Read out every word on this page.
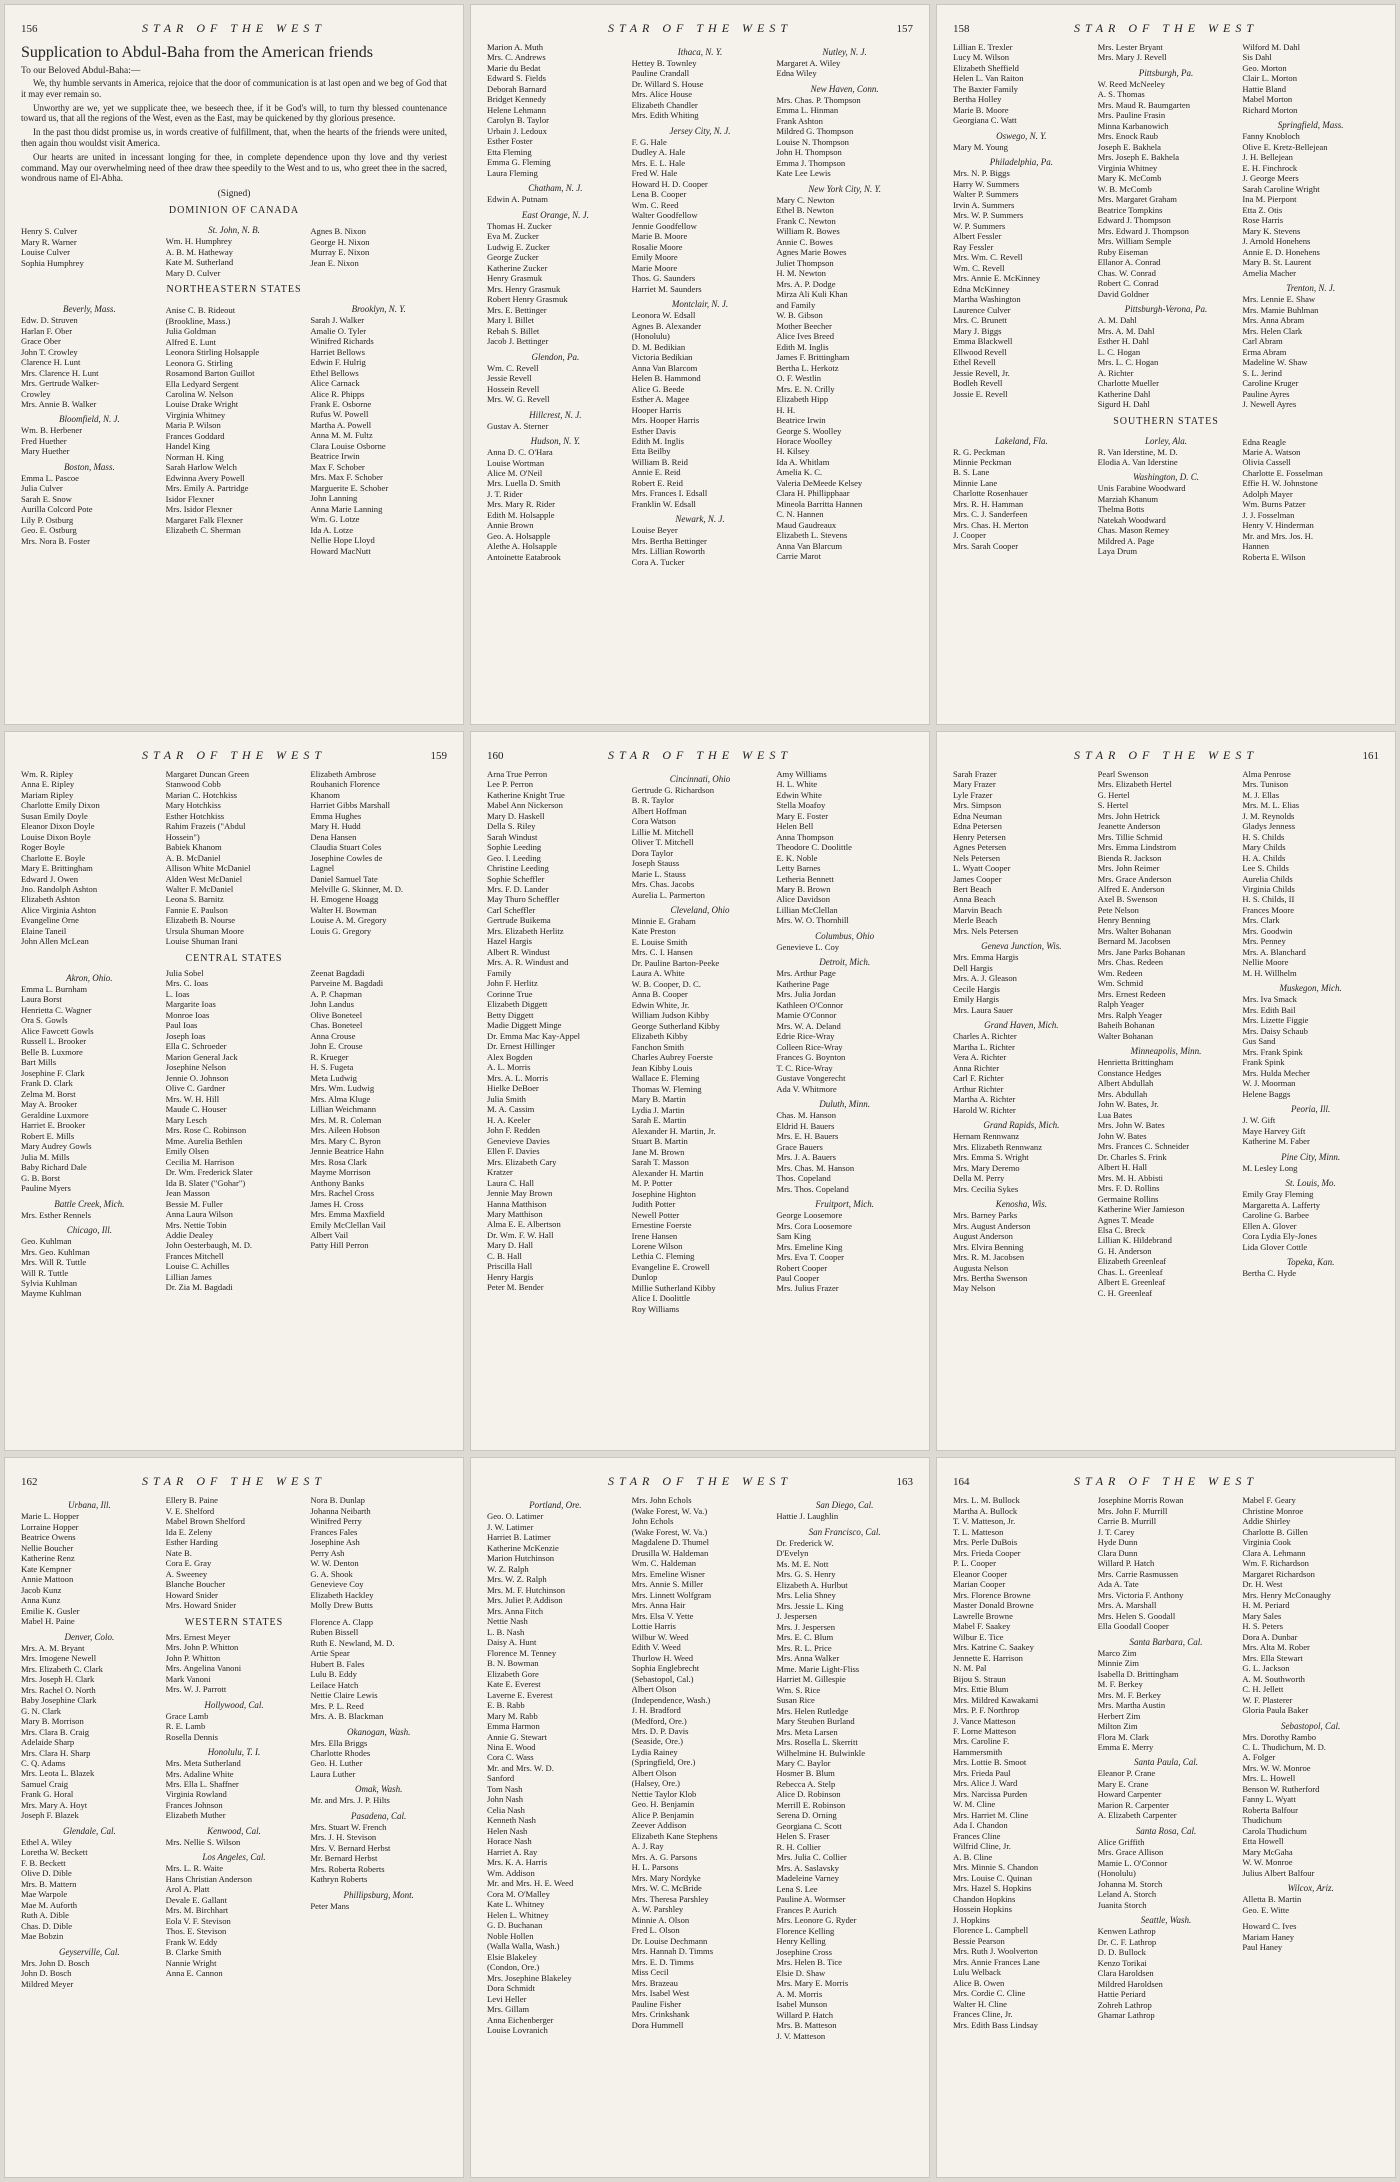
156	STAR OF THE WEST
Supplication to Abdul-Baha from the American friends
To our Beloved Abdul-Baha:—

We, thy humble servants in America, rejoice that the door of communication is at last open and we beg of God that it may ever remain so.

Unworthy are we, yet we supplicate thee, we beseech thee, if it be God's will, to turn thy blessed countenance toward us, that all the regions of the West, even as the East, may be quickened by thy glorious presence.

In the past thou didst promise us, in words creative of fulfillment, that, when the hearts of the friends were united, then again thou wouldst visit America.

Our hearts are united in incessant longing for thee, in complete dependence upon thy love and thy veriest command. May our overwhelming need of thee draw thee speedily to the West and to us, who greet thee in the sacred, wondrous name of El-Abha.

(Signed)
DOMINION OF CANADA
Henry S. Culver
Mary R. Warner
Louise Culver
Sophia Humphrey
St. John, N. B.
Wm. H. Humphrey
A. B. M. Hatheway
Kate M. Sutherland
Mary D. Culver
Agnes B. Nixon
George H. Nixon
Murray E. Nixon
Jean E. Nixon
NORTHEASTERN STATES
Beverly, Mass.
Edw. D. Struven
Harlan F. Ober
Grace Ober
John T. Crowley
Clarence H. Lunt
Mrs. Clarence H. Lunt
Mrs. Gertrude Walker-
Crowley
Mrs. Annie B. Walker
Bloomfield, N. J.
Wm. B. Herbener
Fred Huether
Mary Huether
Boston, Mass.
Emma L. Pascoe
Julia Culver
Sarah E. Snow
Aurilla Colcord Pote
Lily P. Ostburg
Geo. E. Ostburg
Mrs. Nora B. Foster
Anise C. B. Rideout
(Brookline, Mass.)
Julia Goldman
Alfred E. Lunt
Leonora Stirling Holsapple
Leonora G. Stirling
Rosamond Barton Guillot
Ella Ledyard Sergent
Carolina W. Nelson
Louise Drake Wright
Virginia Whitney
Maria P. Wilson
Frances Goddard
Handel King
Norman H. King
Sarah Harlow Welch
Edwinna Avery Powell
Mrs. Emily A. Partridge
Isidor Flexner
Mrs. Isidor Flexner
Margaret Falk Flexner
Elizabeth C. Sherman
Brooklyn, N. Y.
Sarah J. Walker
Amalie O. Tyler
Winifred Richards
Harriet Bellows
Edwin F. Hulrig
Ethel Bellows
Alice Carnack
Alice R. Phipps
Frank E. Osborne
Rufus W. Powell
Martha A. Powell
Anna M. M. Fultz
Clara Louise Osborne
Beatrice Irwin
Max F. Schober
Mrs. Max F. Schober
Marguerite E. Schober
John Lanning
Anna Marie Lanning
Wm. G. Lotze
Ida A. Lotze
Nellie Hope Lloyd
Howard MacNutt
STAR OF THE WEST	157
Marion A. Muth
Mrs. C. Andrews
Marie du Bedat
Edward S. Fields
Deborah Barnard
Bridget Kennedy
Helene Lehmann
Carolyn B. Taylor
Urbain J. Ledoux
Esther Foster
Etta Fleming
Emma G. Fleming
Laura Fleming
Chatham, N. J.
Edwin A. Putnam
East Orange, N. J.
Thomas H. Zucker
Eva M. Zucker
Ludwig E. Zucker
George Zucker
Katherine Zucker
Henry Grasmuk
Mrs. Henry Grasmuk
Robert Henry Grasmuk
Mrs. E. Bettinger
Mary I. Billet
Rebah S. Billet
Jacob J. Bettinger
Glendon, Pa.
Wm. C. Revell
Jessie Revell
Hossein Revell
Mrs. W. G. Revell
Hillcrest, N. J.
Gustav A. Sterner
Hudson, N. Y.
Anna D. C. O'Hara
Louise Wortman
Alice M. O'Neil
Mrs. Luella D. Smith
J. T. Rider
Mrs. Mary R. Rider
Edith M. Holsapple
Annie Brown
Geo. A. Holsapple
Alethe A. Holsapple
Antoinette Eatabrook
Ithaca, N. Y.
Hettey B. Townley
Pauline Crandall
Dr. Willard S. House
Mrs. Alice House
Elizabeth Chandler
Mrs. Edith Whiting
Jersey City, N. J.
F. G. Hale
Dudley A. Hale
Mrs. E. L. Hale
Fred W. Hale
Howard H. D. Cooper
Lena B. Cooper
Wm. C. Reed
Walter Goodfellow
Jennie Goodfellow
Marie B. Moore
Rosalie Moore
Emily Moore
Marie Moore
Thos. G. Saunders
Harriet M. Saunders
Montclair, N. J.
Leonora W. Edsall
Agnes B. Alexander
(Honolulu)
D. M. Bedikian
Victoria Bedikian
Anna Van Blarcom
Helen B. Hammond
Alice G. Beede
Esther A. Magee
Hooper Harris
Mrs. Hooper Harris
Esther Davis
Edith M. Inglis
Etta Beilby
William B. Reid
Annie E. Reid
Robert E. Reid
Mrs. Frances I. Edsall
Franklin W. Edsall
Newark, N. J.
Louise Beyer
Mrs. Bertha Bettinger
Mrs. Lillian Roworth
Cora A. Tucker
Nutley, N. J.
Margaret A. Wiley
Edna Wiley
New Haven, Conn.
Mrs. Chas. P. Thompson
Emma L. Hinman
Frank Ashton
Mildred G. Thompson
Louise N. Thompson
John H. Thompson
Emma J. Thompson
Kate Lee Lewis
New York City, N. Y.
Mary C. Newton
Ethel B. Newton
Frank C. Newton
William R. Bowes
Annie C. Bowes
Agnes Marie Bowes
Juliet Thompson
H. M. Newton
Mrs. A. P. Dodge
Mirza Ali Kuli Khan
and Family
W. B. Gibson
Mother Beecher
Alice Ives Breed
Edith M. Inglis
James F. Brittingham
Bertha L. Herkotz
O. F. Westlin
Mrs. E. N. Crilly
Elizabeth Hipp
H. H.
Beatrice Irwin
George S. Woolley
Horace Woolley
H. Kilsey
Ida A. Whitlam
Amelia K. C.
Valeria DeMeede Kelsey
Clara H. Phillipphaar
Mineola Barritta Hannen
C. N. Hannen
Maud Gaudreaux
Elizabeth L. Stevens
Anna Van Blarcum
Carrie Marot
158	STAR OF THE WEST
Lillian E. Trexler
Lucy M. Wilson
Elizabeth Sheffield
Helen L. Van Raiton
The Baxter Family
Bertha Holley
Marie B. Moore
Georgiana C. Watt
Oswego, N. Y.
Mary M. Young
Philadelphia, Pa.
Mrs. N. P. Biggs
Harry W. Summers
Walter P. Summers
Irvin A. Summers
Mrs. W. P. Summers
W. P. Summers
Albert Fessler
Ray Fessler
Mrs. Wm. C. Revell
Wm. C. Revell
Mrs. Annie E. McKinney
Edna McKinney
Martha Washington
Laurence Culver
Mrs. C. Brunett
Mary J. Biggs
Emma Blackwell
Ellwood Revell
Ethel Revell
Jessie Revell, Jr.
Bodleh Revell
Jossie E. Revell
Mrs. Lester Bryant
Mrs. Mary J. Revell
Pittsburgh, Pa.
W. Reed McNeeley
A. S. Thomas
Mrs. Maud R. Baumgarten
Mrs. Pauline Frasin
Minna Karbanowich
Mrs. Enock Raub
Joseph E. Bakhela
Mrs. Joseph E. Bakhela
Virginia Whitney
Mary K. McComb
W. B. McComb
Mrs. Margaret Graham
Beatrice Tompkins
Edward J. Thompson
Mrs. Edward J. Thompson
Mrs. William Semple
Ruby Eiseman
Ellanor A. Conrad
Chas. W. Conrad
Robert C. Conrad
David Goldner
Pittsburgh-Verona, Pa.
A. M. Dahl
Mrs. A. M. Dahl
Esther H. Dahl
L. C. Hogan
Mrs. L. C. Hogan
A. Richter
Charlotte Mueller
Katherine Dahl
Sigurd H. Dahl
Wilford M. Dahl
Sis Dahl
Geo. Morton
Clair L. Morton
Hattie Bland
Mabel Morton
Richard Morton
Springfield, Mass.
Fanny Knobloch
Olive E. Kretz-Bellejean
J. H. Bellejean
E. H. Finchrock
J. George Meers
Sarah Caroline Wright
Ina M. Pierpont
Etta Z. Otis
Rose Harris
Mary K. Stevens
J. Arnold Honehens
Annie E. D. Honehens
Mary B. St. Laurent
Amelia Macher
Trenton, N. J.
Mrs. Lennie E. Shaw
Mrs. Mamie Buhlman
Mrs. Anna Abram
Mrs. Helen Clark
Carl Abram
Erma Abram
Madeline W. Shaw
S. L. Jerind
Caroline Kruger
Pauline Ayres
J. Newell Ayres
SOUTHERN STATES
Lakeland, Fla.
R. G. Peckman
Minnie Peckman
B. S. Lane
Minnie Lane
Charlotte Rosenhauer
Mrs. R. H. Hamman
Mrs. C. J. Sanderfeen
Mrs. Chas. H. Merton
J. Cooper
Mrs. Sarah Cooper
Lorley, Ala.
R. Van Iderstine, M. D.
Elodia A. Van Iderstine
Washington, D. C.
Unis Farabine Woodward
Marziah Khanum
Thelma Botts
Natekah Woodward
Chas. Mason Remey
Mildred A. Page
Laya Drum
Edna Reagle
Marie A. Watson
Olivia Cassell
Charlotte E. Fosselman
Effie H. W. Johnstone
Adolph Mayer
Wm. Burns Patzer
J. J. Fosselman
Henry V. Hinderman
Mr. and Mrs. Jos. H.
Hannen
Roberta E. Wilson
STAR OF THE WEST	159
Wm. R. Ripley
Anna E. Ripley
Mariam Ripley
Charlotte Emily Dixon
Susan Emily Doyle
Eleanor Dixon Doyle
Louise Dixon Boyle
Roger Boyle
Charlotte E. Boyle
Mary E. Brittingham
Edward J. Owen
Jno. Randolph Ashton
Elizabeth Ashton
Alice Virginia Ashton
Evangeline Orne
Elaine Taneil
John Allen McLean
Margaret Duncan Green
Stanwood Cobb
Marian C. Hotchkiss
Mary Hotchkiss
Esther Hotchkiss
Rahim Frazeis ("Abdul
Hossein")
Babiek Khanom
A. B. McDaniel
Allison White McDaniel
Alden West McDaniel
Walter F. McDaniel
Leona S. Barnitz
Fannie E. Paulson
Elizabeth B. Nourse
Ursula Shuman Moore
Louise Shuman Irani
Elizabeth Ambrose
Rouhanich Florence
Khanom
Harriet Gibbs Marshall
Emma Hughes
Mary H. Hudd
Dena Hansen
Claudia Stuart Coles
Josephine Cowles de
Lagnel
Daniel Samuel Tate
Melville G. Skinner, M. D.
H. Emogene Hoagg
Walter H. Bowman
Louise A. M. Gregory
Louis G. Gregory
CENTRAL STATES
Akron, Ohio.
Emma L. Burnham
Laura Borst
Henrietta C. Wagner
Ora S. Gowls
Alice Fawcett Gowls
Russell L. Brooker
Belle B. Luxmore
Bart Mills
Josephine F. Clark
Frank D. Clark
Zelma M. Borst
May A. Brooker
Geraldine Luxmore
Harriet E. Brooker
Robert E. Mills
Mary Audrey Gowls
Julia M. Mills
Baby Richard Dale
G. B. Borst
Pauline Myers
Battle Creek, Mich.
Mrs. Esther Rennels
Chicago, Ill.
Geo. Kuhlman
Mrs. Geo. Kuhlman
Mrs. Will R. Tuttle
Will R. Tuttle
Sylvia Kuhlman
Mayme Kuhlman
Julia Sobel
Mrs. C. Ioas
L. Ioas
Margarite Ioas
Monroe Ioas
Paul Ioas
Joseph Ioas
Ella C. Schroeder
Marion General Jack
Josephine Nelson
Jennie O. Johnson
Olive C. Gardner
Mrs. W. H. Hill
Maude C. Houser
Mary Lesch
Mrs. Rose C. Robinson
Mme. Aurelia Bethlen
Emily Olsen
Cecilia M. Harrison
Dr. Wm. Frederick Slater
Ida B. Slater ("Gohar")
Jean Masson
Bessie M. Fuller
Anna Laura Wilson
Mrs. Nettie Tobin
Addie Dealey
John Oesterbaugh, M. D.
Frances Mitchell
Louise C. Achilles
Lillian James
Dr. Zia M. Bagdadi
Zeenat Bagdadi
Parveine M. Bagdadi
A. P. Chapman
John Landus
Olive Boneteel
Chas. Boneteel
Anna Crouse
John E. Crouse
R. Krueger
H. S. Fugeta
Meta Ludwig
Mrs. Wm. Ludwig
Mrs. Alma Kluge
Lillian Weichmann
Mrs. M. R. Coleman
Mrs. Aileen Hobson
Mrs. Mary C. Byron
Jennie Beatrice Hahn
Mrs. Rosa Clark
Mayme Morrison
Anthony Banks
Mrs. Rachel Cross
James H. Cross
Mrs. Emma Maxfield
Emily McClellan Vail
Albert Vail
Patty Hill Perron
160	STAR OF THE WEST
Arna True Perron
Lee P. Perron
Katherine Knight True
Mabel Ann Nickerson
Mary D. Haskell
Della S. Riley
Sarah Windust
Sophie Leeding
Geo. I. Leeding
Christine Leeding
Sophie Scheffler
Mrs. F. D. Lander
May Thuro Scheffler
Carl Scheffler
Gertrude Buikema
Mrs. Elizabeth Herlitz
Hazel Hargis
Albert R. Windust
Mrs. A. R. Windust and
Family
John F. Herlitz
Corinne True
Elizabeth Diggett
Betty Diggett
Madie Diggett Minge
Dr. Emma Mac Kay-Appel
Dr. Ernest Hillinger
Alex Bogden
A. L. Morris
Mrs. A. L. Morris
Hielke DeBoer
Julia Smith
M. A. Cassim
H. A. Keeler
John F. Redden
Genevieve Davies
Ellen F. Davies
Mrs. Elizabeth Cary
Kratzer
Laura C. Hall
Jennie May Brown
Hanna Matthison
Mary Matthison
Alma E. E. Albertson
Dr. Wm. F. W. Hall
Mary D. Hall
C. B. Hall
Priscilla Hall
Henry Hargis
Peter M. Bender
Cincinnati, Ohio
Gertrude G. Richardson
B. R. Taylor
Albert Hoffman
Cora Watson
Lillie M. Mitchell
Oliver T. Mitchell
Dora Taylor
Joseph Stauss
Marie L. Stauss
Mrs. Chas. Jacobs
Aurelia L. Parmerton
Cleveland, Ohio
Minnie E. Graham
Kate Preston
E. Louise Smith
Mrs. C. I. Hansen
Dr. Pauline Barton-Peeke
Laura A. White
W. B. Cooper, D. C.
Anna B. Cooper
Edwin White, Jr.
William Judson Kibby
George Sutherland Kibby
Elizabeth Kibby
Fanchon Smith
Charles Aubrey Foerste
Jean Kibby Louis
Wallace E. Fleming
Thomas W. Fleming
Mary B. Martin
Lydia J. Martin
Sarah E. Martin
Alexander H. Martin, Jr.
Stuart B. Martin
Jane M. Brown
Sarah T. Masson
Alexander H. Martin
M. P. Potter
Josephine Highton
Judith Potter
Newell Potter
Ernestine Foerste
Irene Hansen
Lorene Wilson
Lethia C. Fleming
Evangeline E. Crowell
Dunlop
Millie Sutherland Kibby
Alice I. Doolittle
Roy Williams
Amy Williams
H. L. White
Edwin White
Stella Moafoy
Mary E. Foster
Helen Bell
Anna Thompson
Theodore C. Doolittle
E. K. Noble
Letty Barnes
Letheria Bennett
Mary B. Brown
Alice Davidson
Lillian McClellan
Mrs. W. O. Thornhill
Columbus, Ohio
Genevieve L. Coy
Detroit, Mich.
Mrs. Arthur Page
Katherine Page
Mrs. Julia Jordan
Kathleen O'Connor
Mamie O'Connor
Mrs. W. A. Deland
Edrie Rice-Wray
Colleen Rice-Wray
Frances G. Boynton
T. C. Rice-Wray
Gustave Vongerecht
Ada V. Whitmore
Duluth, Minn.
Chas. M. Hanson
Eldrid H. Bauers
Mrs. E. H. Bauers
Grace Bauers
Mrs. J. A. Bauers
Mrs. Chas. M. Hanson
Thos. Copeland
Mrs. Thos. Copeland
Fruitport, Mich.
George Loosemore
Mrs. Cora Loosemore
Sam King
Mrs. Emeline King
Mrs. Eva T. Cooper
Robert Cooper
Paul Cooper
Mrs. Julius Frazer
STAR OF THE WEST	161
Sarah Frazer
Mary Frazer
Lyle Frazer
Mrs. Simpson
Edna Neuman
Edna Petersen
Henry Petersen
Agnes Petersen
Nels Petersen
L. Wyatt Cooper
James Cooper
Bert Beach
Anna Beach
Marvin Beach
Merle Beach
Mrs. Nels Petersen
Geneva Junction, Wis.
Mrs. Emma Hargis
Dell Hargis
Mrs. A. J. Gleason
Cecile Hargis
Emily Hargis
Mrs. Laura Sauer
Grand Haven, Mich.
Charles A. Richter
Martha L. Richter
Vera A. Richter
Anna Richter
Carl F. Richter
Arthur Richter
Martha A. Richter
Harold W. Richter
Grand Rapids, Mich.
Hernam Rennwanz
Mrs. Elizabeth Rennwanz
Mrs. Emma S. Wright
Mrs. Mary Deremo
Della M. Perry
Mrs. Cecilia Sykes
Kenosha, Wis.
Mrs. Barney Parks
Mrs. August Anderson
August Anderson
Mrs. Elvira Benning
Mrs. R. M. Jacobsen
Augusta Nelson
Mrs. Bertha Swenson
May Nelson
Pearl Swenson
Mrs. Elizabeth Hertel
G. Hertel
S. Hertel
Mrs. John Hetrick
Jeanette Anderson
Mrs. Tillie Schmid
Mrs. Emma Lindstrom
Bienda R. Jackson
Mrs. John Reimer
Mrs. Grace Anderson
Alfred E. Anderson
Axel B. Swenson
Pete Nelson
Henry Benning
Mrs. Walter Bohanan
Bernard M. Jacobsen
Mrs. Jane Parks Bohanan
Mrs. Chas. Redeen
Wm. Redeen
Wm. Schmid
Mrs. Ernest Redeen
Ralph Yeager
Mrs. Ralph Yeager
Baheih Bohanan
Walter Bohanan
Minneapolis, Minn.
Henrietta Brittingham
Constance Hedges
Albert Abdullah
Mrs. Abdullah
John W. Bates, Jr.
Lua Bates
Mrs. John W. Bates
John W. Bates
Mrs. Frances C. Schneider
Dr. Charles S. Frink
Albert H. Hall
Mrs. M. H. Abbisti
Mrs. F. D. Rollins
Germaine Rollins
Katherine Wier Jamieson
Agnes T. Meade
Elsa C. Breck
Lillian K. Hildebrand
G. H. Anderson
Elizabeth Greenleaf
Chas. L. Greenleaf
Albert E. Greenleaf
C. H. Greenleaf
Alma Penrose
Mrs. Tunison
M. J. Ellas
Mrs. M. L. Elias
J. M. Reynolds
Gladys Jenness
H. S. Childs
Mary Childs
H. A. Childs
Lee S. Childs
Aurelia Childs
Virginia Childs
H. S. Childs, II
Frances Moore
Mrs. Clark
Mrs. Goodwin
Mrs. Penney
Mrs. A. Blanchard
Nellie Moore
M. H. Willhelm
Muskegon, Mich.
Mrs. Iva Smack
Mrs. Edith Bail
Mrs. Lizette Figgie
Mrs. Daisy Schaub
Gus Sand
Mrs. Frank Spink
Frank Spink
Mrs. Hulda Mecher
W. J. Moorman
Helene Baggs
Peoria, Ill.
J. W. Gift
Maye Harvey Gift
Katherine M. Faber
Pine City, Minn.
M. Lesley Long
St. Louis, Mo.
Emily Gray Fleming
Margaretta A. Lafferty
Caroline G. Barbee
Ellen A. Glover
Cora Lydia Ely-Jones
Lida Glover Cottle
Topeka, Kan.
Bertha C. Hyde
162	STAR OF THE WEST
Urbana, Ill.
Marie L. Hopper
Lorraine Hopper
Beatrice Owens
Nellie Boucher
Katherine Renz
Kate Kempner
Annie Mattoon
Jacob Kunz
Anna Kunz
Emilie K. Gusler
Mabel H. Paine
Denver, Colo.
Mrs. A. M. Bryant
Mrs. Imogene Newell
Mrs. Elizabeth C. Clark
Mrs. Joseph H. Clark
Mrs. Rachel O. North
Baby Josephine Clark
G. N. Clark
Mary B. Morrison
Mrs. Clara B. Craig
Adelaide Sharp
Mrs. Clara H. Sharp
C. Q. Adams
Mrs. Leota L. Blazek
Samuel Craig
Frank G. Horal
Mrs. Mary A. Hoyt
Joseph F. Blazek
Glendale, Cal.
Ethel A. Wiley
Loretha W. Beckett
F. B. Beckett
Olive D. Dible
Mrs. B. Mattern
Mae Warpole
Mae M. Auforth
Ruth A. Dible
Chas. D. Dible
Mae Bobzin
Geyserville, Cal.
Mrs. John D. Bosch
John D. Bosch
Mildred Meyer
Ellery B. Paine
V. E. Shelford
Mabel Brown Shelford
Ida E. Zeleny
Esther Harding
Nate B.
Cora E. Gray
A. Sweeney
Blanche Boucher
Howard Snider
Mrs. Howard Snider
WESTERN STATES
Mrs. Ernest Meyer
Mrs. John P. Whitton
John P. Whitton
Mrs. Angelina Vanoni
Mark Vanoni
Mrs. W. J. Parrott
Hollywood, Cal.
Grace Lamb
R. E. Lamb
Rosella Dennis
Honolulu, T. I.
Mrs. Meta Sutherland
Mrs. Adaline White
Mrs. Ella L. Shaffner
Virginia Rowland
Frances Johnson
Elizabeth Muther
Kenwood, Cal.
Mrs. Nellie S. Wilson
Los Angeles, Cal.
Mrs. L. R. Waite
Hans Christian Anderson
Arol A. Platt
Devale E. Gallant
Mrs. M. Birchhart
Eola V. F. Stevison
Thos. E. Stevison
Frank W. Eddy
B. Clarke Smith
Nannie Wright
Anna E. Cannon
Nora B. Dunlap
Johanna Neibarth
Winifred Perry
Frances Fales
Josephine Ash
Perry Ash
W. W. Denton
G. A. Shook
Genevieve Coy
Elizabeth Hackley
Molly Drew Butts
Florence A. Clapp
Ruben Bissell
Ruth E. Newland, M. D.
Artie Spear
Hubert B. Fales
Lulu B. Eddy
Leilace Hatch
Nettie Claire Lewis
Mrs. P. L. Reed
Mrs. A. B. Blackman
Okanogan, Wash.
Mrs. Ella Briggs
Charlotte Rhodes
Geo. H. Luther
Laura Luther
Omak, Wash.
Mr. and Mrs. J. P. Hilts
Pasadena, Cal.
Mrs. Stuart W. French
Mrs. J. H. Stevison
Mrs. V. Bernard Herbst
Mr. Bernard Herbst
Mrs. Roberta Roberts
Kathryn Roberts
Phillipsburg, Mont.
Peter Mans
STAR OF THE WEST	163
Portland, Ore.
Geo. O. Latimer
J. W. Latimer
Harriet B. Latimer
Katherine McKenzie
Marion Hutchinson
W. Z. Ralph
Mrs. W. Z. Ralph
Mrs. M. F. Hutchinson
Mrs. Juliet P. Addison
Mrs. Anna Fitch
Nettie Nash
L. B. Nash
Daisy A. Hunt
Florence M. Tenney
B. N. Bowman
Elizabeth Gore
Kate E. Everest
Laverne E. Everest
E. B. Rabb
Mary M. Rabb
Emma Harmon
Annie G. Stewart
Nina E. Wood
Cora C. Wass
Mr. and Mrs. W. D.
Sanford
Tom Nash
John Nash
Celia Nash
Kenneth Nash
Helen Nash
Horace Nash
Harriet A. Ray
Mrs. K. A. Harris
Wm. Addison
Mr. and Mrs. H. E. Weed
Cora M. O'Malley
Kate L. Whitney
Helen L. Whitney
G. D. Buchanan
Noble Hollen
(Walla Walla, Wash.)
Elsie Blakeley
(Condon, Ore.)
Mrs. Josephine Blakeley
Dora Schmidt
Levi Heller
Mrs. Gillam
Anna Eichenberger
Louise Lovranich
Mrs. John Echols
(Wake Forest, W. Va.)
John Echols
(Wake Forest, W. Va.)
Magdalene D. Thumel
Drusilla W. Haldeman
Wm. C. Haldeman
Mrs. Emeline Wisner
Mrs. Annie S. Miller
Mrs. Linnett Wolfgram
Mrs. Anna Hair
Mrs. Elsa V. Yette
Lottie Harris
Wilbur W. Weed
Edith V. Weed
Thurlow H. Weed
Sophia Englebrecht
(Sebastopol, Cal.)
Albert Olson
(Independence, Wash.)
J. H. Bradford
(Medford, Ore.)
Mrs. D. P. Davis
(Seaside, Ore.)
Lydia Rainey
(Springfield, Ore.)
Albert Olson
(Halsey, Ore.)
Nettie Taylor Klob
Geo. H. Benjamin
Alice P. Benjamin
Zeever Addison
Elizabeth Kane Stephens
A. J. Ray
Mrs. A. G. Parsons
H. L. Parsons
Mrs. Mary Nordyke
Mrs. W. C. McBride
Mrs. Theresa Parshley
A. W. Parshley
Minnie A. Olson
Fred L. Olson
Dr. Louise Dechmann
Mrs. Hannah D. Timms
Mrs. E. D. Timms
Miss Cecil
Mrs. Brazeau
Mrs. Isabel West
Pauline Fisher
Mrs. Crinkshank
Dora Hummell
San Diego, Cal.
Hattie J. Laughlin
San Francisco, Cal.
Dr. Frederick W.
D'Evelyn
Ms. M. E. Nott
Mrs. G. S. Henry
Elizabeth A. Hurlbut
Mrs. Lelia Shney
Mrs. Jessie L. King
J. Jespersen
Mrs. J. Jespersen
Mrs. E. C. Blum
Mrs. R. L. Price
Mrs. Anna Walker
Mme. Marie Light-Fliss
Harriet M. Gillespie
Wm. S. Rice
Susan Rice
Mrs. Helen Rutledge
Mary Steuben Burland
Mrs. Meta Larsen
Mrs. Rosella L. Skerritt
Wilhelmine H. Bulwinkle
Mary C. Baylor
Hosmer B. Blum
Rebecca A. Stelp
Alice D. Robinson
Merrill E. Robinson
Serena D. Orning
Georgiana C. Scott
Helen S. Fraser
R. H. Collier
Mrs. Julia C. Collier
Mrs. A. Saslavsky
Madeleine Varney
Lena S. Lee
Pauline A. Wormser
Frances P. Aurich
Mrs. Leonore G. Ryder
Florence Kelling
Henry Kelling
Josephine Cross
Mrs. Helen B. Tice
Elsie D. Shaw
Mrs. Mary E. Morris
A. M. Morris
Isabel Munson
Willard P. Hatch
Mrs. B. Matteson
J. V. Matteson
164	STAR OF THE WEST
Mrs. L. M. Bullock
Martha A. Bullock
T. V. Matteson, Jr.
T. L. Matteson
Mrs. Perle DuBois
Mrs. Frieda Cooper
P. L. Cooper
Eleanor Cooper
Marian Cooper
Mrs. Florence Browne
Master Donald Browne
Lawrelle Browne
Mabel F. Saakey
Wilbur E. Tice
Mrs. Katrine C. Saakey
Jennette E. Harrison
N. M. Pal
Bijou S. Straun
Mrs. Ettie Blum
Mrs. Mildred Kawakami
Mrs. P. F. Northrop
J. Vance Matteson
F. Lorne Matteson
Mrs. Caroline F.
Hammersmith
Mrs. Lottie B. Smoot
Mrs. Frieda Paul
Mrs. Alice J. Ward
Mrs. Narcissa Purden
W. M. Cline
Mrs. Harriet M. Cline
Ada I. Chandon
Frances Cline
Wilfrid Cline, Jr.
A. B. Cline
Mrs. Minnie S. Chandon
Mrs. Louise C. Quinan
Mrs. Hazel S. Hopkins
Chandon Hopkins
Hossein Hopkins
J. Hopkins
Florence L. Campbell
Bessie Pearson
Mrs. Ruth J. Woolverton
Mrs. Annie Frances Lane
Lulu Welback
Alice B. Owen
Mrs. Cordie C. Cline
Walter H. Cline
Frances Cline, Jr.
Mrs. Edith Bass Lindsay
Josephine Morris Rowan
Mrs. John F. Murrill
Carrie B. Murrill
J. T. Carey
Hyde Dunn
Clara Dunn
Willard P. Hatch
Mrs. Carrie Rasmussen
Ada A. Tate
Mrs. Victoria F. Anthony
Mrs. A. Marshall
Mrs. Helen S. Goodall
Ella Goodall Cooper
Santa Barbara, Cal.
Marco Zim
Minnie Zim
Isabella D. Brittingham
M. F. Berkey
Mrs. M. F. Berkey
Mrs. Martha Austin
Herbert Zim
Milton Zim
Flora M. Clark
Emma E. Merry
Santa Paula, Cal.
Eleanor P. Crane
Mary E. Crane
Howard Carpenter
Marion R. Carpenter
A. Elizabeth Carpenter
Santa Rosa, Cal.
Alice Griffith
Mrs. Grace Allison
Mamie L. O'Connor
(Honolulu)
Johanna M. Storch
Leland A. Storch
Juanita Storch
Seattle, Wash.
Kenwen Lathrop
Dr. C. F. Lathrop
D. D. Bullock
Kenzo Torikai
Clara Haroldsen
Mildred Haroldsen
Hattie Periard
Zohreh Lathrop
Ghamar Lathrop
Mabel F. Geary
Christine Monroe
Addie Shirley
Charlotte B. Gillen
Virginia Cook
Clara A. Lehmann
Wm. F. Richardson
Margaret Richardson
Dr. H. West
Mrs. Henry McConaughy
H. M. Periard
Mary Sales
H. S. Peters
Dora A. Dunbar
Mrs. Alta M. Rober
Mrs. Ella Stewart
G. L. Jackson
A. M. Southworth
C. H. Jellett
W. F. Plasterer
Gloria Paula Baker
Sebastopol, Cal.
Mrs. Dorothy Rambo
C. L. Thudichum, M. D.
A. Folger
Mrs. W. W. Monroe
Mrs. L. Howell
Benson W. Rutherford
Fanny L. Wyatt
Roberta Balfour
Thudichum
Carola Thudichum
Etta Howell
Mary McGaha
W. W. Monroe
Julius Albert Balfour
Wilcox, Ariz.
Alletta B. Martin
Geo. E. Witte
Howard C. Ives
Mariam Haney
Paul Haney
